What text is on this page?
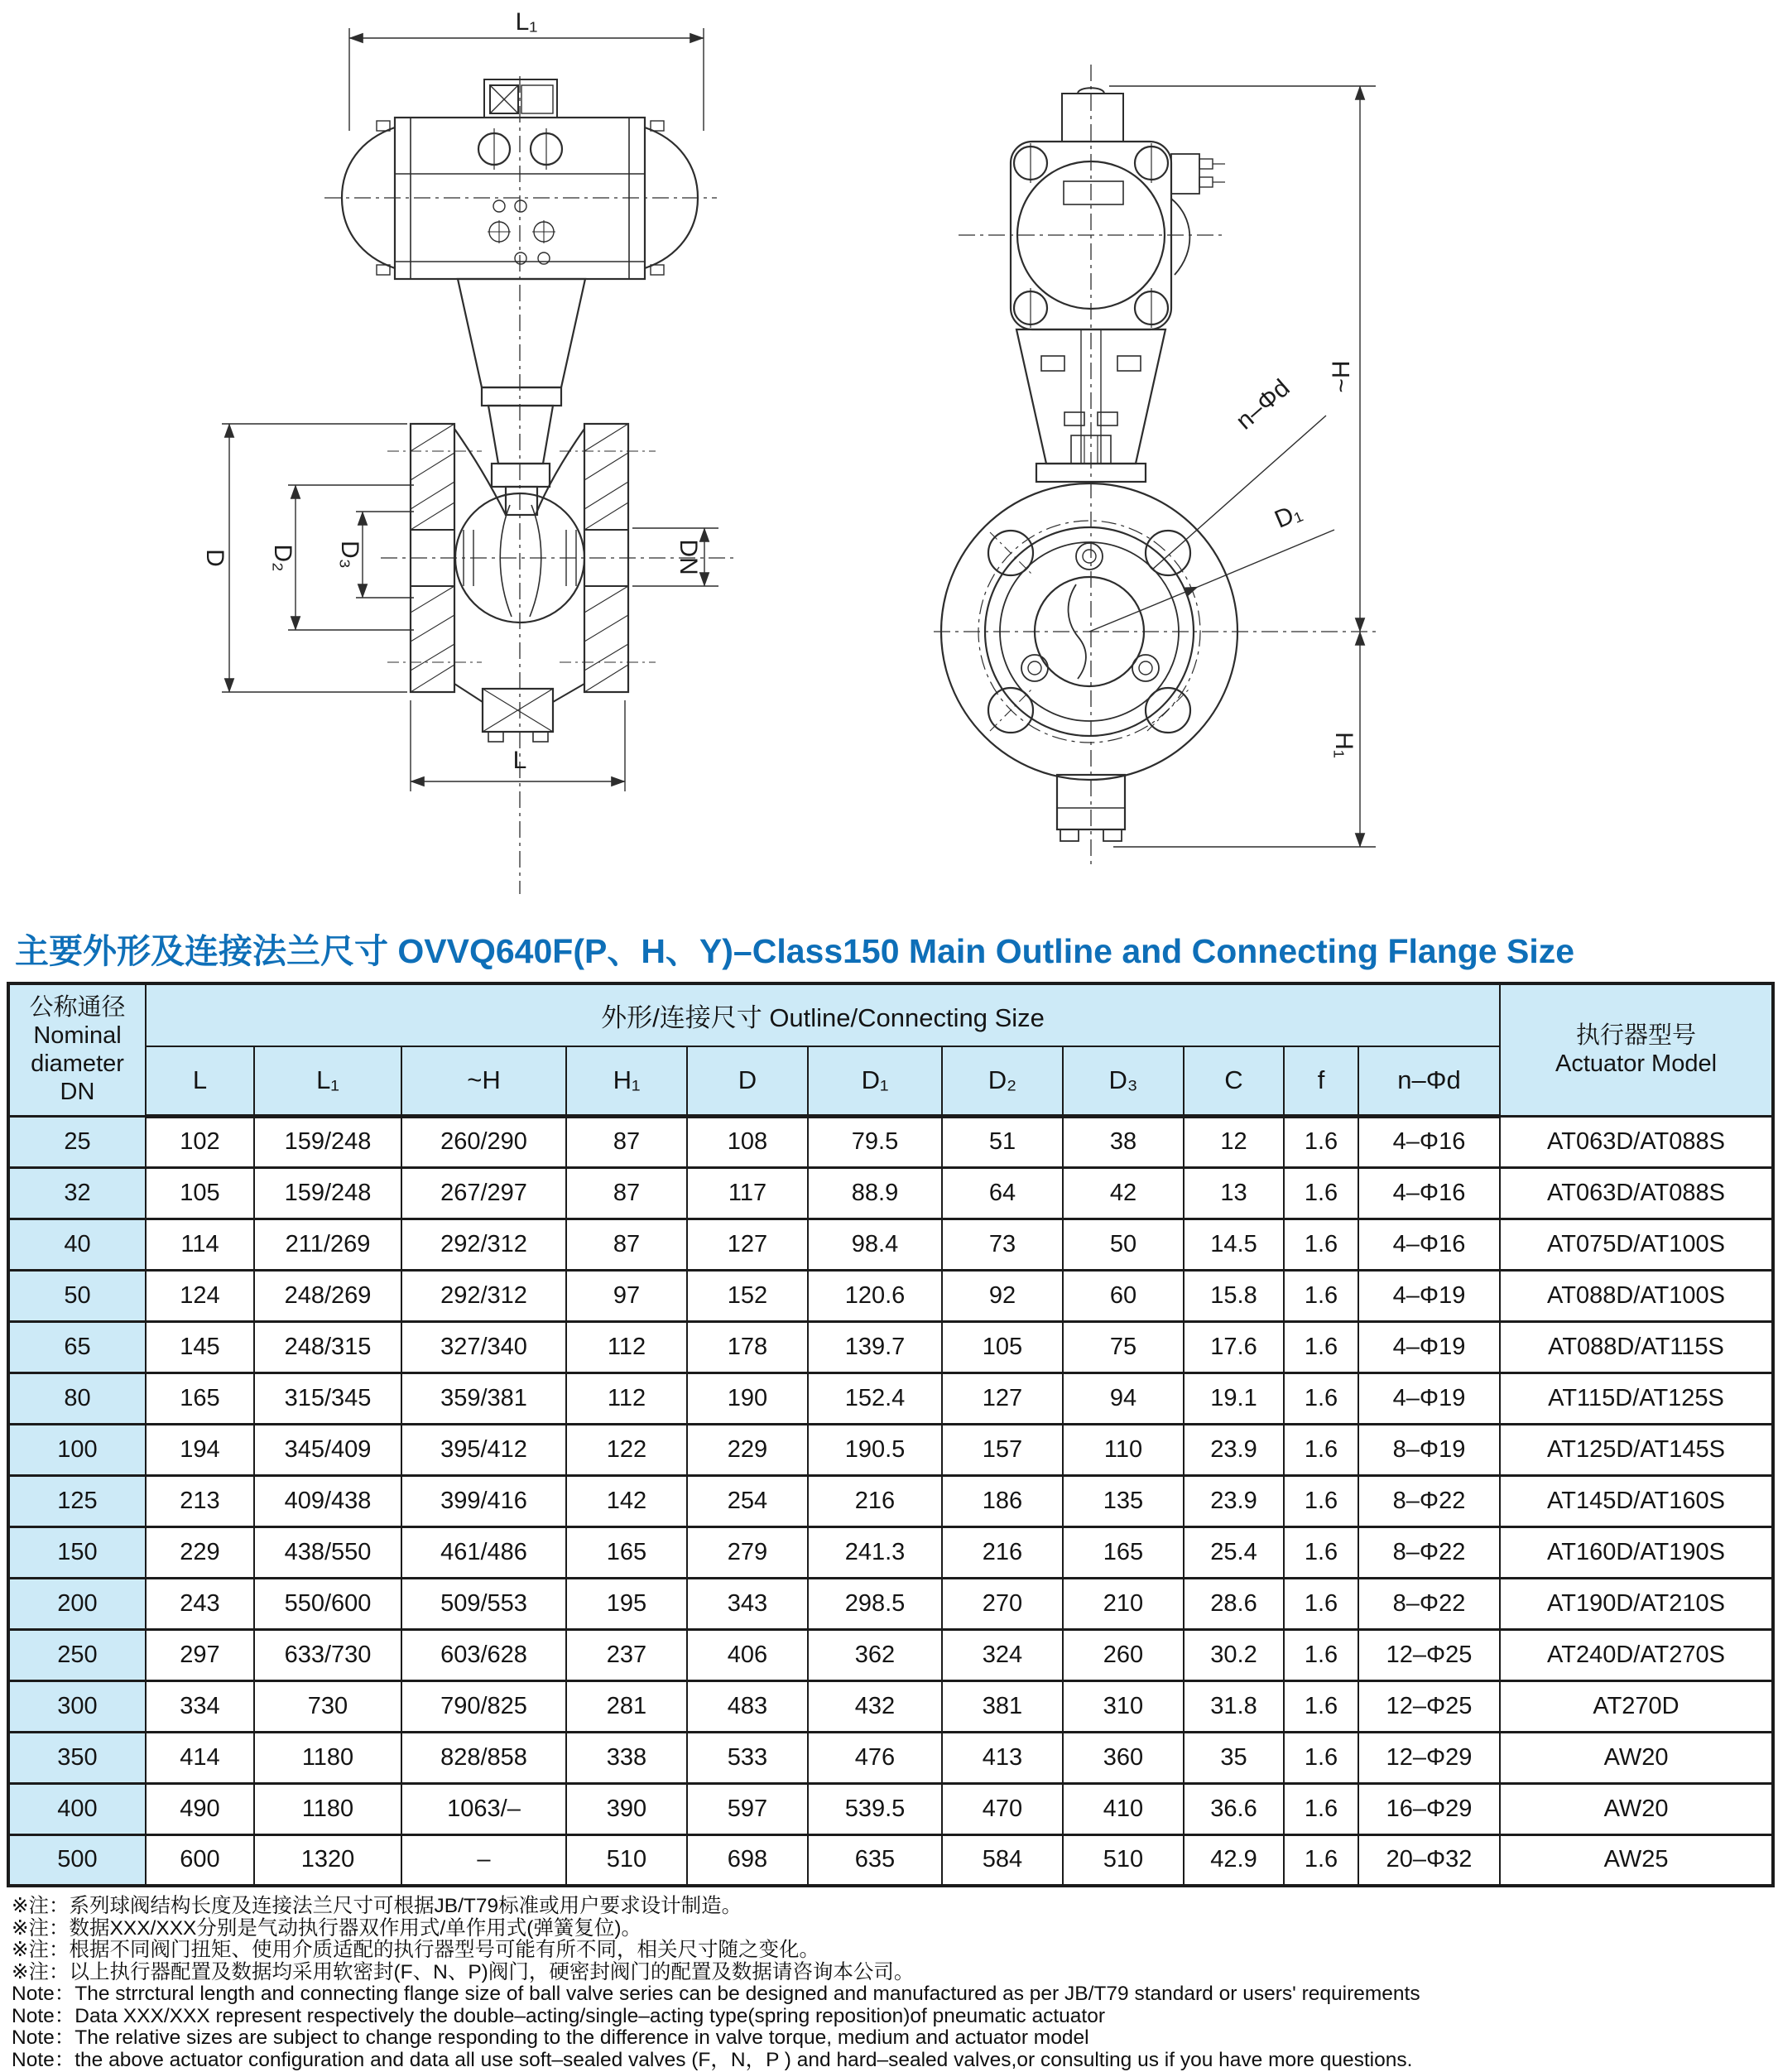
L₁
D D₂ D₃	DN
L
~H
H₁
n–Φd
D₁
主要外形及连接法兰尺寸 OVVQ640F(P、H、Y)–Class150 Main Outline and Connecting Flange Size
公称通径
Nominal
diameter
DN
	外形/连接尺寸 Outline/Connecting Size	
执行器型号
Actuator Model

	L	L₁	~H	H₁	D	D₁	D₂	D₃	C	f	n–Φd	
25	102	159/248	260/290	87	108	79.5	51	38	12	1.6	4–Φ16	AT063D/AT088S
32	105	159/248	267/297	87	117	88.9	64	42	13	1.6	4–Φ16	AT063D/AT088S
40	114	211/269	292/312	87	127	98.4	73	50	14.5	1.6	4–Φ16	AT075D/AT100S
50	124	248/269	292/312	97	152	120.6	92	60	15.8	1.6	4–Φ19	AT088D/AT100S
65	145	248/315	327/340	112	178	139.7	105	75	17.6	1.6	4–Φ19	AT088D/AT115S
80	165	315/345	359/381	112	190	152.4	127	94	19.1	1.6	4–Φ19	AT115D/AT125S
100	194	345/409	395/412	122	229	190.5	157	110	23.9	1.6	8–Φ19	AT125D/AT145S
125	213	409/438	399/416	142	254	216	186	135	23.9	1.6	8–Φ22	AT145D/AT160S
150	229	438/550	461/486	165	279	241.3	216	165	25.4	1.6	8–Φ22	AT160D/AT190S
200	243	550/600	509/553	195	343	298.5	270	210	28.6	1.6	8–Φ22	AT190D/AT210S
250	297	633/730	603/628	237	406	362	324	260	30.2	1.6	12–Φ25	AT240D/AT270S
300	334	730	790/825	281	483	432	381	310	31.8	1.6	12–Φ25	AT270D
350	414	1180	828/858	338	533	476	413	360	35	1.6	12–Φ29	AW20
400	490	1180	1063/–	390	597	539.5	470	410	36.6	1.6	16–Φ29	AW20
500	600	1320	–	510	698	635	584	510	42.9	1.6	20–Φ32	AW25
※注：系列球阀结构长度及连接法兰尺寸可根据JB/T79标准或用户要求设计制造。
※注：数据XXX/XXX分别是气动执行器双作用式/单作用式(弹簧复位)。
※注：根据不同阀门扭矩、使用介质适配的执行器型号可能有所不同，相关尺寸随之变化。
※注：以上执行器配置及数据均采用软密封(F、N、P)阀门，硬密封阀门的配置及数据请咨询本公司。
Note：The strrctural length and connecting flange size of ball valve series can be designed and manufactured as per JB/T79 standard or users' requirements
Note：Data XXX/XXX represent respectively the double–acting/single–acting type(spring reposition)of pneumatic actuator
Note：The relative sizes are subject to change responding to the difference in valve torque, medium and actuator model
Note：the above actuator configuration and data all use soft–sealed valves (F，N，P ) and hard–sealed valves,or consulting us if you have more questions.
